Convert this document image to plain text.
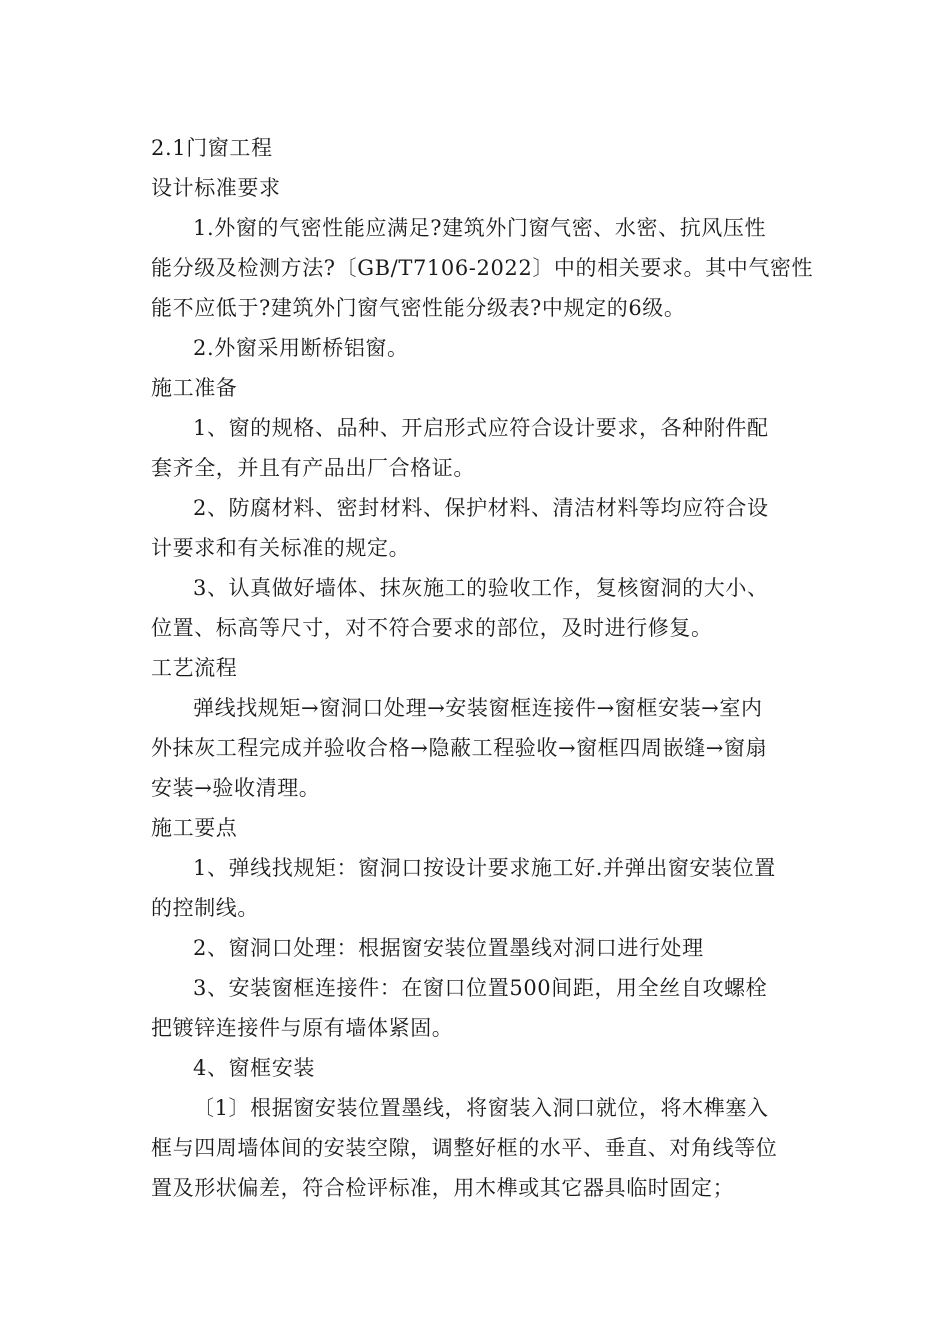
2.1门窗工程
设计标准要求
1.外窗的气密性能应满足?建筑外门窗气密、水密、抗风压性
能分级及检测方法?〔GB/T7106-2022〕中的相关要求。其中气密性
能不应低于?建筑外门窗气密性能分级表?中规定的6级。
2.外窗采用断桥铝窗。
施工准备
1、窗的规格、品种、开启形式应符合设计要求，各种附件配
套齐全，并且有产品出厂合格证。
2、防腐材料、密封材料、保护材料、清洁材料等均应符合设
计要求和有关标准的规定。
3、认真做好墙体、抹灰施工的验收工作，复核窗洞的大小、
位置、标高等尺寸，对不符合要求的部位，及时进行修复。
工艺流程
弹线找规矩→窗洞口处理→安装窗框连接件→窗框安装→室内
外抹灰工程完成并验收合格→隐蔽工程验收→窗框四周嵌缝→窗扇
安装→验收清理。
施工要点
1、弹线找规矩：窗洞口按设计要求施工好.并弹出窗安装位置
的控制线。
2、窗洞口处理：根据窗安装位置墨线对洞口进行处理
3、安装窗框连接件：在窗口位置500间距，用全丝自攻螺栓
把镀锌连接件与原有墙体紧固。
4、窗框安装
〔1〕根据窗安装位置墨线，将窗装入洞口就位，将木榫塞入
框与四周墙体间的安装空隙，调整好框的水平、垂直、对角线等位
置及形状偏差，符合检评标准，用木榫或其它器具临时固定；
